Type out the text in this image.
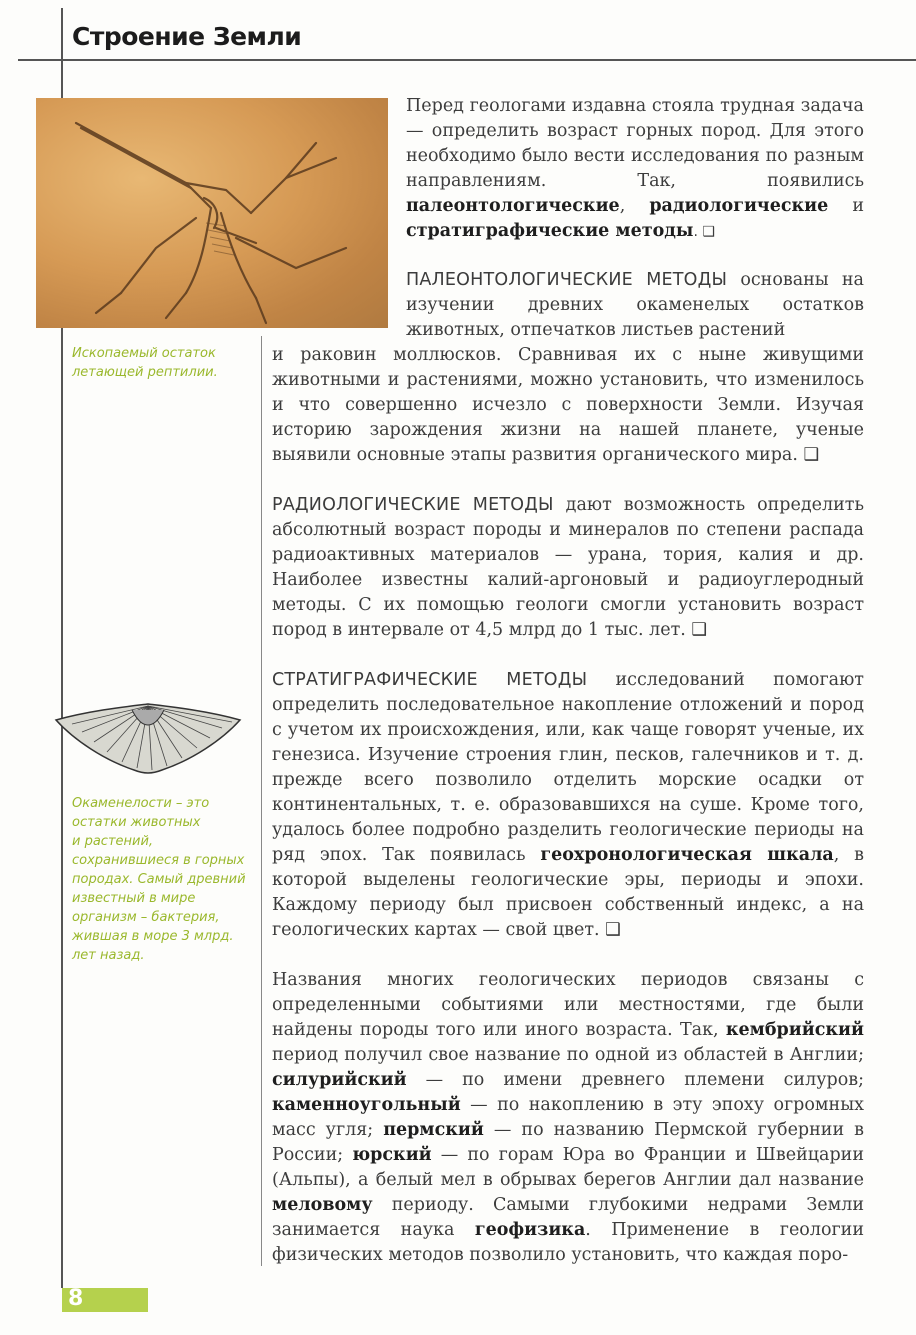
Строение Земли
Ископаемый остаток
летающей рептилии.
Окаменелости – это
остатки животных
и растений,
сохранившиеся в горных
породах. Самый древний
известный в мире
организм – бактерия,
жившая в море 3 млрд.
лет назад.
Перед геологами издавна стояла трудная задача — определить возраст горных пород. Для этого необходимо было вести исследования по разным направлениям. Так, появились палеонтологические, радиологические и стратиграфические методы. ❑
ПАЛЕОНТОЛОГИЧЕСКИЕ МЕТОДЫ основаны на изучении древних окаменелых остатков животных, отпечатков листьев растений
и раковин моллюсков. Сравнивая их с ныне живущими животными и растениями, можно установить, что изменилось и что совершенно исчезло с поверхности Земли. Изучая историю зарождения жизни на нашей планете, ученые выявили основные этапы развития органического мира. ❑
РАДИОЛОГИЧЕСКИЕ МЕТОДЫ дают возможность определить абсолютный возраст породы и минералов по степени распада радиоактивных материалов — урана, тория, калия и др. Наиболее известны калий-аргоновый и радиоуглеродный методы. С их помощью геологи смогли установить возраст пород в интервале от 4,5 млрд до 1 тыс. лет. ❑
СТРАТИГРАФИЧЕСКИЕ МЕТОДЫ исследований помогают определить последовательное накопление отложений и пород с учетом их происхождения, или, как чаще говорят ученые, их генезиса. Изучение строения глин, песков, галечников и т. д. прежде всего позволило отделить морские осадки от континентальных, т. е. образовавшихся на суше. Кроме того, удалось более подробно разделить геологические периоды на ряд эпох. Так появилась геохронологическая шкала, в которой выделены геологические эры, периоды и эпохи. Каждому периоду был присвоен собственный индекс, а на геологических картах — свой цвет. ❑
Названия многих геологических периодов связаны с определенными событиями или местностями, где были найдены породы того или иного возраста. Так, кембрийский период получил свое название по одной из областей в Англии; силурийский — по имени древнего племени силуров; каменноугольный — по накоплению в эту эпоху огромных масс угля; пермский — по названию Пермской губернии в России; юрский — по горам Юра во Франции и Швейцарии (Альпы), а белый мел в обрывах берегов Англии дал название меловому периоду. Самыми глубокими недрами Земли занимается наука геофизика. Применение в геологии физических методов позволило установить, что каждая поро-
8
